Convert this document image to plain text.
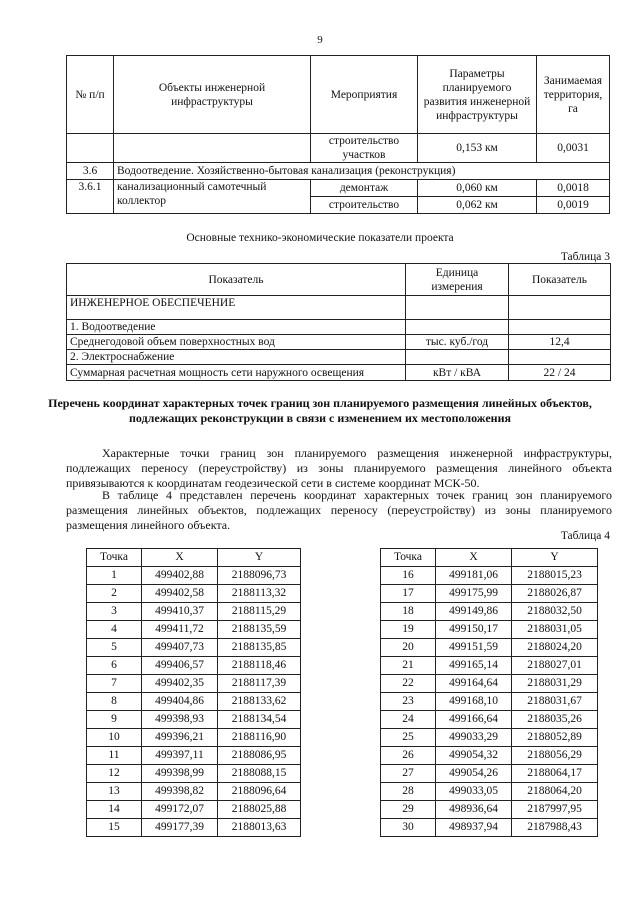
9
№ п/п	Объекты инженерной инфраструктуры	Мероприятия	Параметры планируемого развития инженерной инфраструктуры	Занимаемая территория, га
		строительство участков	0,153 км	0,0031
3.6	Водоотведение. Хозяйственно-бытовая канализация (реконструкция)			
3.6.1	канализационный самотечный коллектор	демонтаж	0,060 км	0,0018
		строительство	0,062 км	0,0019
Основные технико-экономические показатели проекта
Таблица 3
Показатель	Единица измерения	Показатель
ИНЖЕНЕРНОЕ ОБЕСПЕЧЕНИЕ		
1. Водоотведение		
Среднегодовой объем поверхностных вод	тыс. куб./год	12,4
2. Электроснабжение		
Суммарная расчетная мощность сети наружного освещения	кВт / кВА	22 / 24
Перечень координат характерных точек границ зон планируемого размещения линейных объектов, подлежащих реконструкции в связи с изменением их местоположения

Характерные точки границ зон планируемого размещения инженерной инфраструктуры, подлежащих переносу (переустройству) из зоны планируемого размещения линейного объекта привязываются к координатам геодезической сети в системе координат МСК-50.

В таблице 4 представлен перечень координат характерных точек границ зон планируемого размещения линейных объектов, подлежащих переносу (переустройству) из зоны планируемого размещения линейного объекта.

Таблица 4
Точка	X	Y
1	499402,88	2188096,73
2	499402,58	2188113,32
3	499410,37	2188115,29
4	499411,72	2188135,59
5	499407,73	2188135,85
6	499406,57	2188118,46
7	499402,35	2188117,39
8	499404,86	2188133,62
9	499398,93	2188134,54
10	499396,21	2188116,90
11	499397,11	2188086,95
12	499398,99	2188088,15
13	499398,82	2188096,64
14	499172,07	2188025,88
15	499177,39	2188013,63
Точка	X	Y
16	499181,06	2188015,23
17	499175,99	2188026,87
18	499149,86	2188032,50
19	499150,17	2188031,05
20	499151,59	2188024,20
21	499165,14	2188027,01
22	499164,64	2188031,29
23	499168,10	2188031,67
24	499166,64	2188035,26
25	499033,29	2188052,89
26	499054,32	2188056,29
27	499054,26	2188064,17
28	499033,05	2188064,20
29	498936,64	2187997,95
30	498937,94	2187988,43
